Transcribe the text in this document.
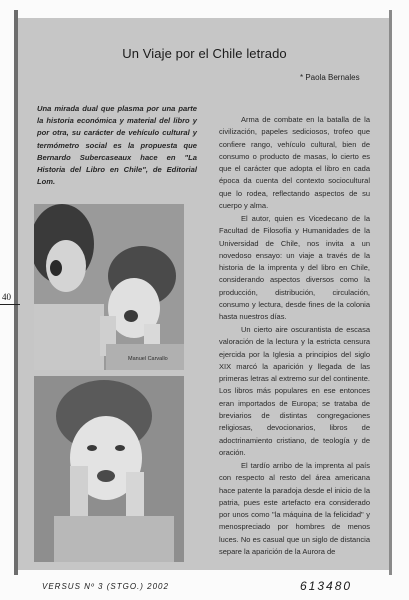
Un Viaje por el Chile letrado
* Paola Bernales
40
Una mirada dual que plasma por una parte la historia económica y material del libro y por otra, su carácter de vehículo cultural y termómetro social es la propuesta que Bernardo Subercaseaux hace en "La Historia del Libro en Chile", de Editorial Lom.
Manuel Carvallo

Arma de combate en la batalla de la civilización, papeles sediciosos, trofeo que confiere rango, vehículo cultural, bien de consumo o producto de masas, lo cierto es que el carácter que adopta el libro en cada época da cuenta del contexto sociocultural que lo rodea, reflectando aspectos de su cuerpo y alma.

El autor, quien es Vicedecano de la Facultad de Filosofía y Humanidades de la Universidad de Chile, nos invita a un novedoso ensayo: un viaje a través de la historia de la imprenta y del libro en Chile, considerando aspectos diversos como la producción, distribución, circulación, consumo y lectura, desde fines de la colonia hasta nuestros días.

Un cierto aire oscurantista de escasa valoración de la lectura y la estricta censura ejercida por la Iglesia a principios del siglo XIX marcó la aparición y llegada de las primeras letras al extremo sur del continente. Los libros más populares en ese entonces eran importados de Europa; se trataba de breviarios de distintas congregaciones religiosas, devocionarios, libros de adoctrinamiento cristiano, de teología y de oración.

El tardío arribo de la imprenta al país con respecto al resto del área americana hace patente la paradoja desde el inicio de la patria, pues este artefacto era considerado por unos como "la máquina de la felicidad" y menospreciado por hombres de menos luces. No es casual que un siglo de distancia separe la aparición de la Aurora de

VERSUS Nº 3 (STGO.) 2002	613480
